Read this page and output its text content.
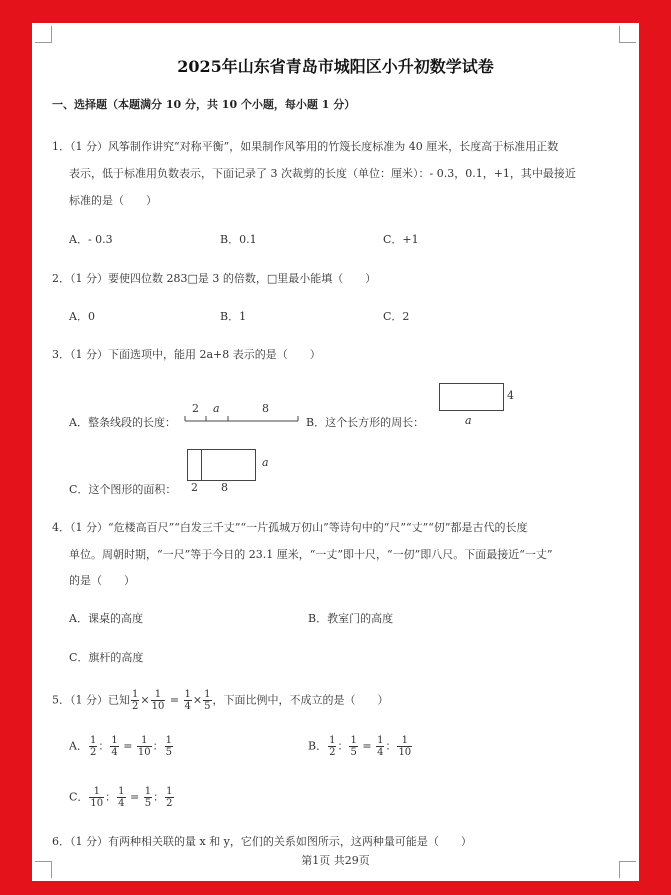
2025年山东省青岛市城阳区小升初数学试卷
一、选择题（本题满分 10 分，共 10 个小题，每小题 1 分）
1．（1 分）风筝制作讲究“对称平衡”，如果制作风筝用的竹篾长度标准为 40 厘米，长度高于标准用正数
表示，低于标准用负数表示，下面记录了 3 次裁剪的长度（单位：厘米）：- 0.3，0.1，+1，其中最接近
标准的是（　　）
A．- 0.3	B．0.1	C．+1
2．（1 分）要使四位数 283□是 3 的倍数，□里最小能填（　　）
A．0	B．1	C．2
3．（1 分）下面选项中，能用 2a+8 表示的是（　　）
A．整条线段的长度：
2 a	8
B．这个长方形的周长：
4
a
C．这个图形的面积：
a
2 8
4．（1 分）“危楼高百尺”“白发三千丈”“一片孤城万仞山”等诗句中的“尺”“丈”“仞”都是古代的长度
单位。周朝时期，“一尺”等于今日的 23.1 厘米，“一丈”即十尺，“一仞”即八尺。下面最接近“一丈”
的是（　　）
A．课桌的高度	B．教室门的高度
C．旗杆的高度
5．（1 分）已知 $\frac{1}{2} \times \frac{1}{10} = \frac{1}{4} \times \frac{1}{5}$ ，下面比例中，不成立的是（　　）
A． $\frac{1}{2}$ ： $\frac{1}{4} = \frac{1}{10}$ ： $\frac{1}{5}$	B． $\frac{1}{2}$ ： $\frac{1}{5} = \frac{1}{4}$ ： $\frac{1}{10}$
C． $\frac{1}{10}$ ： $\frac{1}{4} = \frac{1}{5}$ ： $\frac{1}{2}$
6．（1 分）有两种相关联的量 x 和 y，它们的关系如图所示，这两种量可能是（　　）
第1页 共29页
